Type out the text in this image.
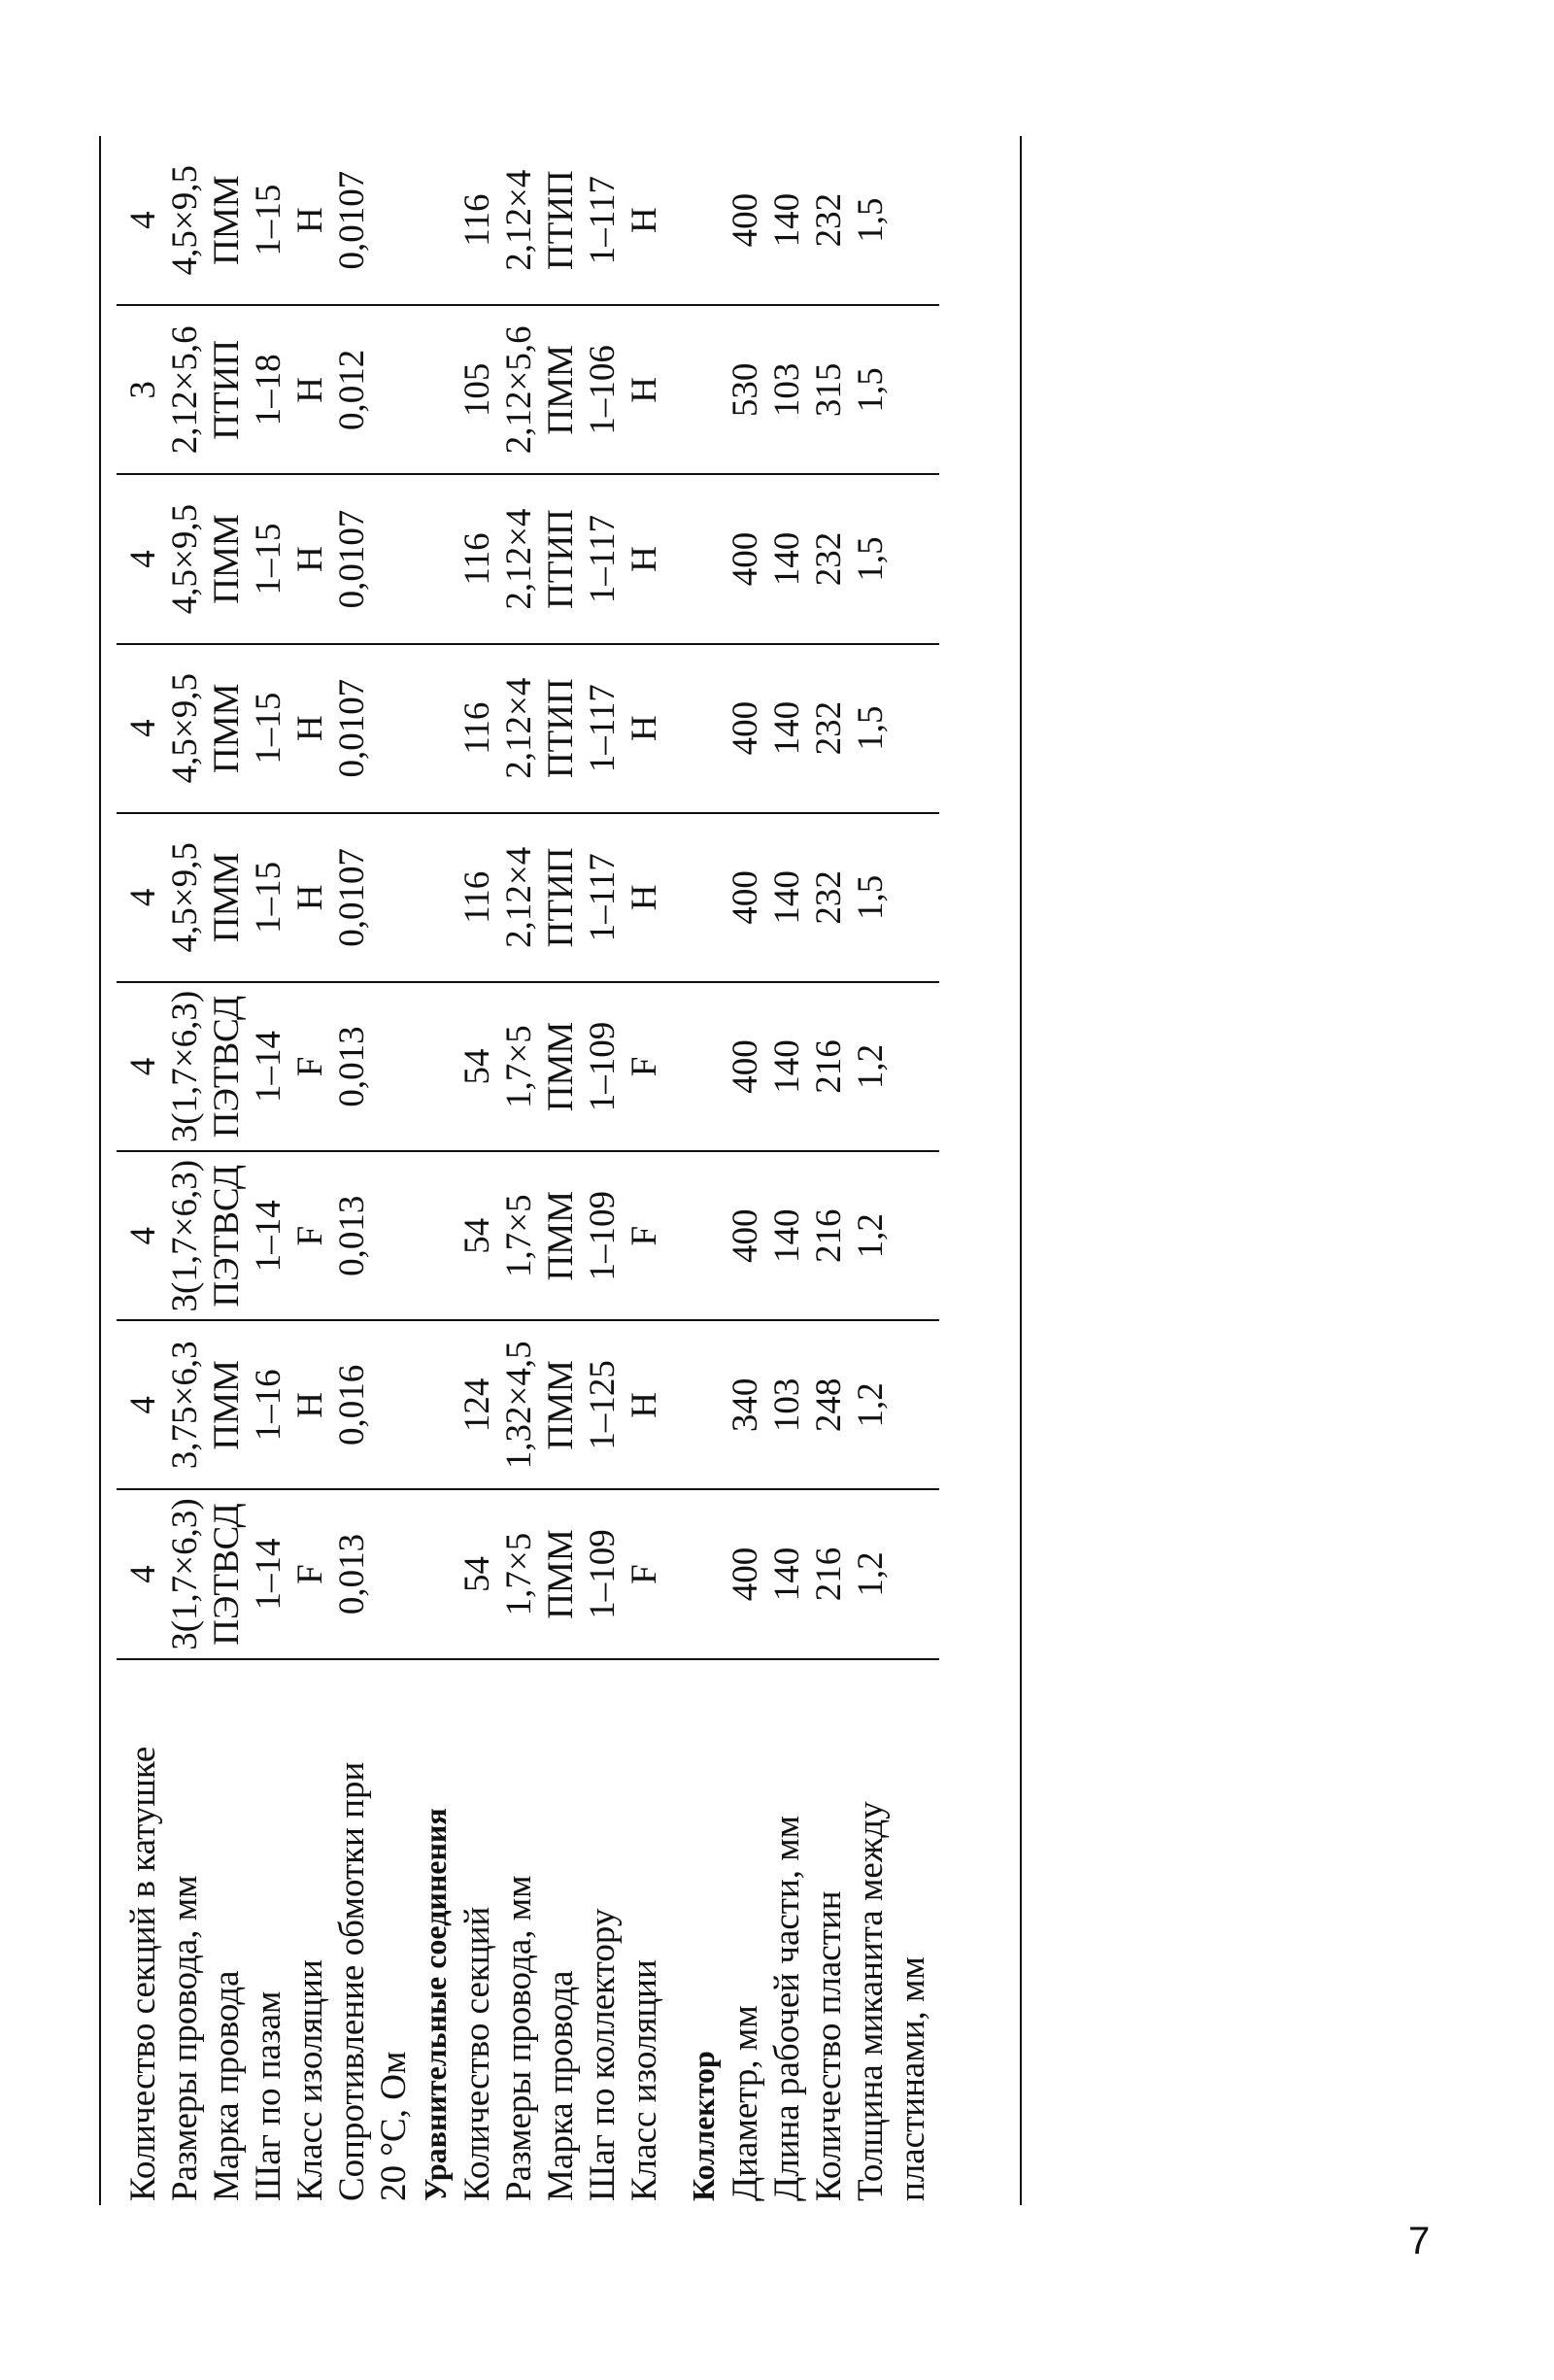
Количество секций в катушке	4	4	4	4	4	4	4	3	4
Размеры провода, мм	3(1,7×6,3)	3,75×6,3	3(1,7×6,3)	3(1,7×6,3)	4,5×9,5	4,5×9,5	4,5×9,5	2,12×5,6	4,5×9,5
Марка провода	ПЭТВСД	ПММ	ПЭТВСД	ПЭТВСД	ПММ	ПММ	ПММ	ПТИП	ПММ
Шаг по пазам	1–14	1–16	1–14	1–14	1–15	1–15	1–15	1–18	1–15
Класс изоляции	F	Н	F	F	Н	Н	Н	Н	Н
Сопротивление обмотки при	0,013	0,016	0,013	0,013	0,0107	0,0107	0,0107	0,012	0,0107
20 °С, Ом									
Уравнительные соединения									
Количество секций	54	124	54	54	116	116	116	105	116
Размеры провода, мм	1,7×5	1,32×4,5	1,7×5	1,7×5	2,12×4	2,12×4	2,12×4	2,12×5,6	2,12×4
Марка провода	ПММ	ПММ	ПММ	ПММ	ПТИП	ПТИП	ПТИП	ПММ	ПТИП
Шаг по коллектору	1–109	1–125	1–109	1–109	1–117	1–117	1–117	1–106	1–117
Класс изоляции	F	Н	F	F	Н	Н	Н	Н	Н

Коллектор									
Диаметр, мм	400	340	400	400	400	400	400	530	400
Длина рабочей части, мм	140	103	140	140	140	140	140	103	140
Количество пластин	216	248	216	216	232	232	232	315	232
Толщина миканита между	1,2	1,2	1,2	1,2	1,5	1,5	1,5	1,5	1,5
пластинами, мм									
7
